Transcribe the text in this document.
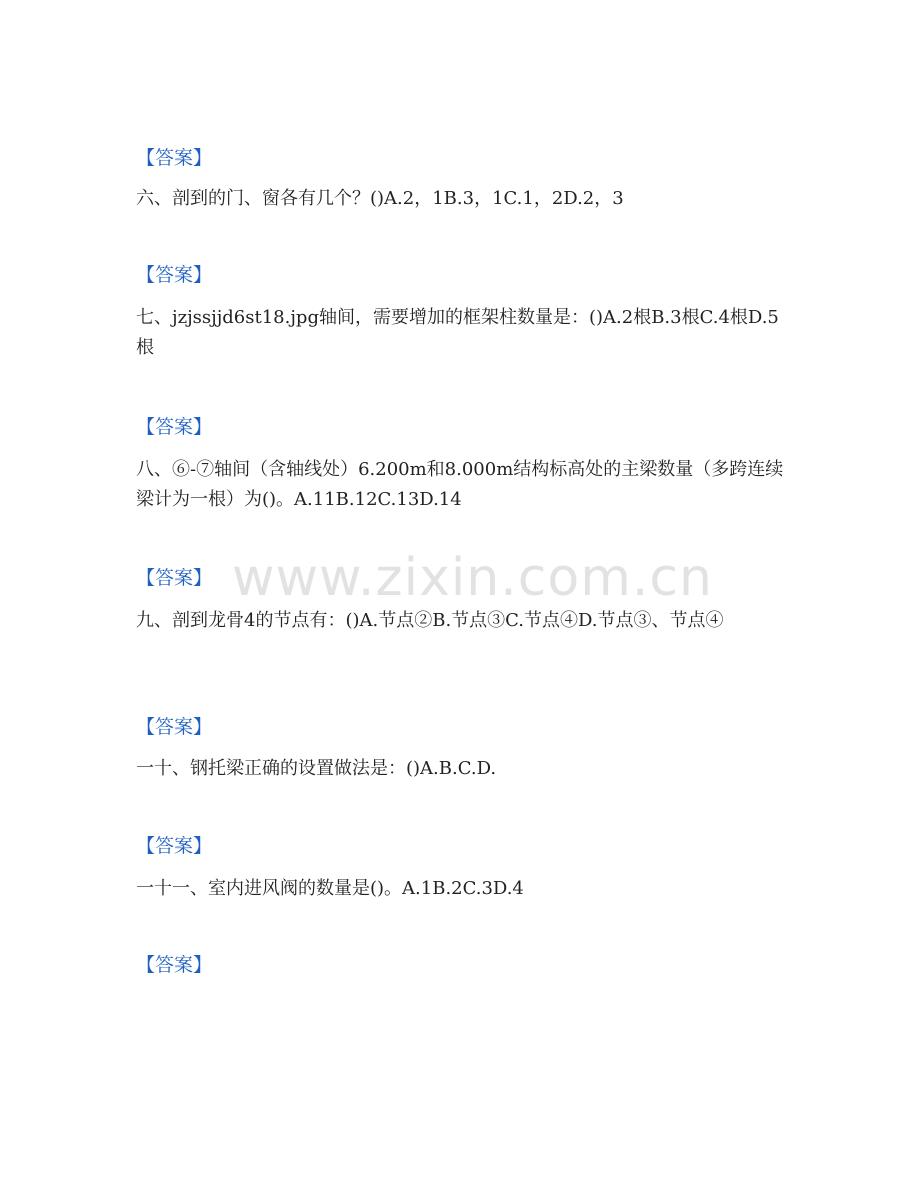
www.zixin.com.cn
【答案】
六、剖到的门、窗各有几个？()A.2，1B.3，1C.1，2D.2，3
【答案】
七、jzjssjjd6st18.jpg轴间，需要增加的框架柱数量是：()A.2根B.3根C.4根D.5根
【答案】
八、⑥-⑦轴间（含轴线处）6.200m和8.000m结构标高处的主梁数量（多跨连续梁计为一根）为()。A.11B.12C.13D.14
【答案】
九、剖到龙骨4的节点有：()A.节点②B.节点③C.节点④D.节点③、节点④
【答案】
一十、钢托梁正确的设置做法是：()A.B.C.D.
【答案】
一十一、室内进风阀的数量是()。A.1B.2C.3D.4
【答案】
